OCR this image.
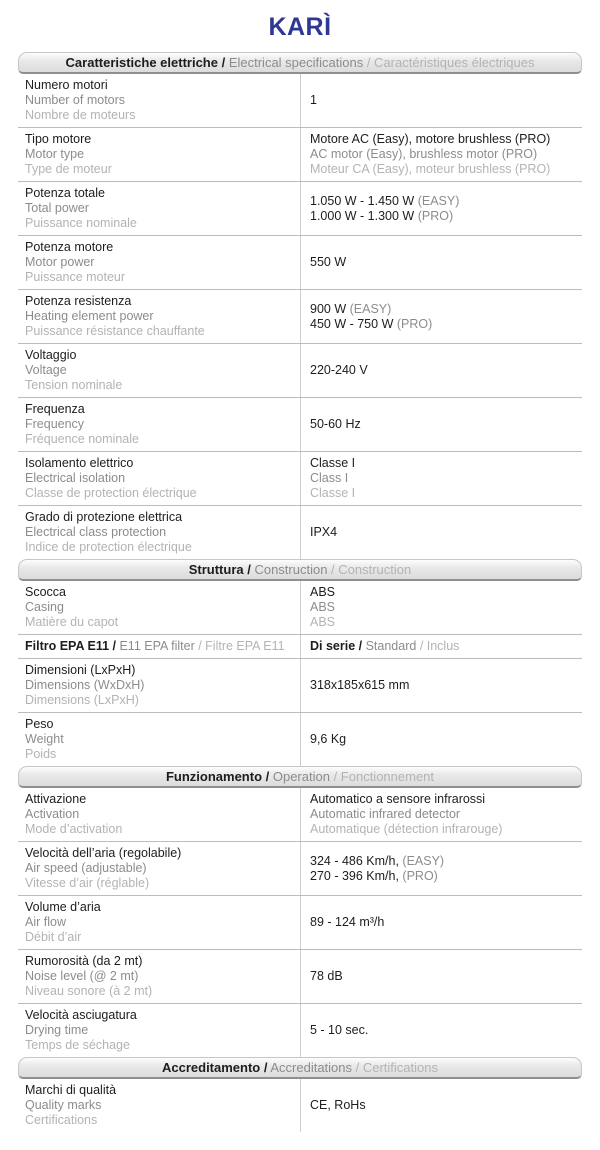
KARÌ
Caratteristiche elettriche / Electrical specifications / Caractéristiques électriques
Numero motori
Number of motors
Nombre de moteurs
1
Tipo motore
Motor type
Type de moteur
Motore AC (Easy), motore brushless (PRO)
AC motor (Easy), brushless motor (PRO)
Moteur CA (Easy), moteur brushless (PRO)
Potenza totale
Total power
Puissance nominale
1.050 W - 1.450 W (EASY)
1.000 W - 1.300 W (PRO)
Potenza motore
Motor power
Puissance moteur
550 W
Potenza resistenza
Heating element power
Puissance résistance chauffante
900 W (EASY)
450 W - 750 W (PRO)
Voltaggio
Voltage
Tension nominale
220-240 V
Frequenza
Frequency
Fréquence nominale
50-60 Hz
Isolamento elettrico
Electrical isolation
Classe de protection électrique
Classe I
Class I
Classe I
Grado di protezione elettrica
Electrical class protection
Indice de protection électrique
IPX4
Struttura / Construction / Construction
Scocca
Casing
Matière du capot
ABS
ABS
ABS
Filtro EPA E11 / E11 EPA filter / Filtre EPA E11	Di serie / Standard / Inclus
Dimensioni (LxPxH)
Dimensions (WxDxH)
Dimensions (LxPxH)
318x185x615 mm
Peso
Weight
Poids
9,6 Kg
Funzionamento / Operation / Fonctionnement
Attivazione
Activation
Mode d’activation
Automatico a sensore infrarossi
Automatic infrared detector
Automatique (détection infrarouge)
Velocità dell’aria (regolabile)
Air speed (adjustable)
Vitesse d’air (réglable)
324 - 486 Km/h, (EASY)
270 - 396 Km/h, (PRO)
Volume d’aria
Air flow
Débit d’air
89 - 124 m³/h
Rumorosità (da 2 mt)
Noise level (@ 2 mt)
Niveau sonore (à 2 mt)
78 dB
Velocità asciugatura
Drying time
Temps de séchage
5 - 10 sec.
Accreditamento / Accreditations / Certifications
Marchi di qualità
Quality marks
Certifications
CE, RoHs
